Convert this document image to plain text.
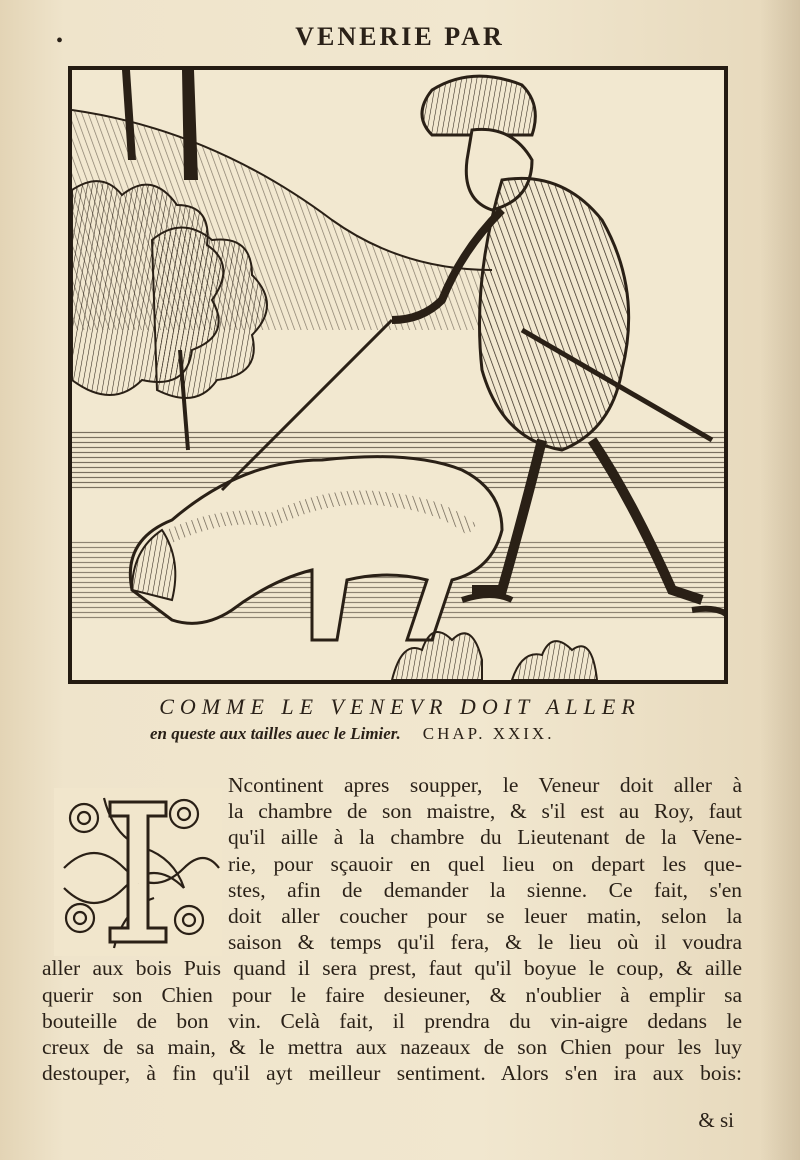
•	VENERIE PAR
COMME LE VENEVR DOIT ALLER
en queste aux tailles auec le Limier. CHAP. XXIX.
I
Ncontinent apres soupper, le Veneur doit aller à
la chambre de son maistre, & s'il est au Roy, faut
qu'il aille à la chambre du Lieutenant de la Vene-
rie, pour sçauoir en quel lieu on depart les que-
stes, afin de demander la sienne. Ce fait, s'en
doit aller coucher pour se leuer matin, selon la
saison & temps qu'il fera, & le lieu où il voudra
aller aux bois Puis quand il sera prest, faut qu'il boyue le coup, & aille
querir son Chien pour le faire desieuner, & n'oublier à emplir sa
bouteille de bon vin. Celà fait, il prendra du vin-aigre dedans le
creux de sa main, & le mettra aux nazeaux de son Chien pour les luy
destouper, à fin qu'il ayt meilleur sentiment. Alors s'en ira aux bois:
& si
